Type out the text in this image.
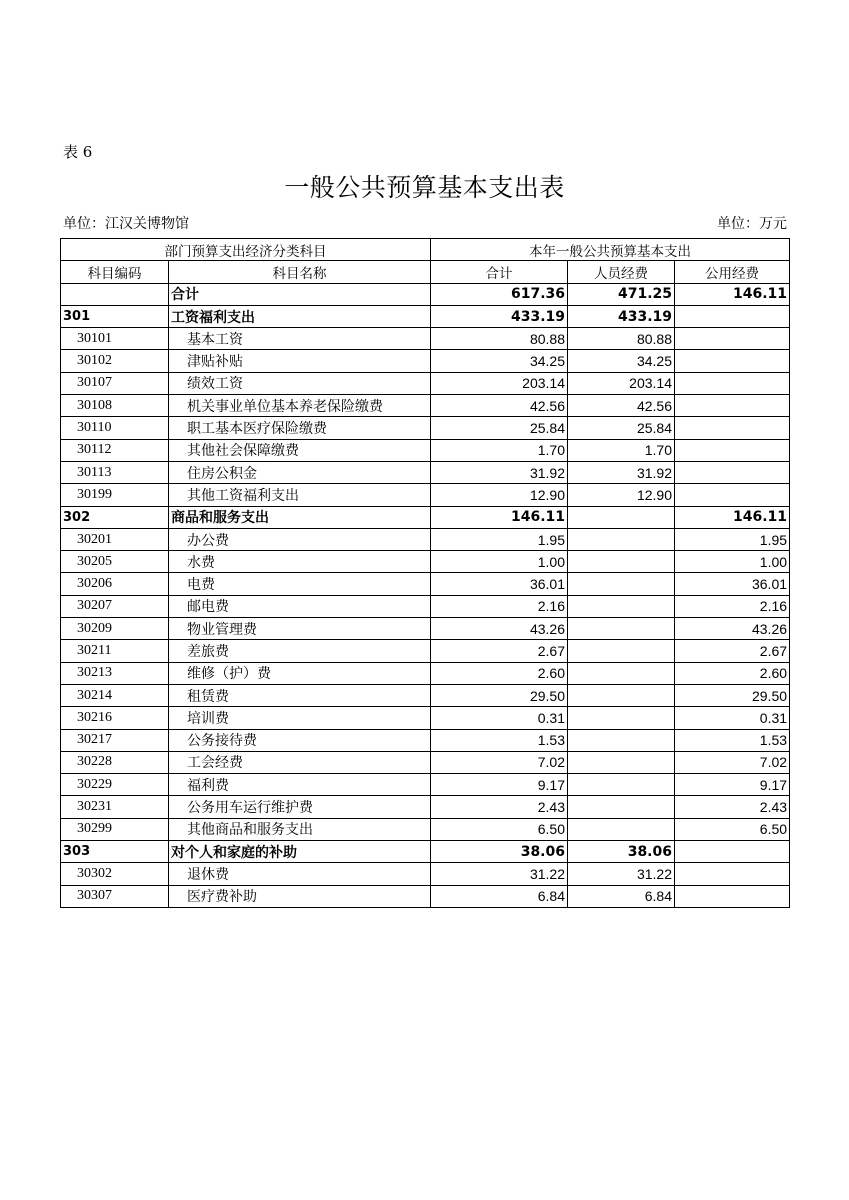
表 6
一般公共预算基本支出表
单位：江汉关博物馆	单位：万元
部门预算支出经济分类科目		本年一般公共预算基本支出		
科目编码	科目名称	合计	人员经费	公用经费
	合计	617.36	471.25	146.11
301	工资福利支出	433.19	433.19	
30101	基本工资	80.88	80.88	
30102	津贴补贴	34.25	34.25	
30107	绩效工资	203.14	203.14	
30108	机关事业单位基本养老保险缴费	42.56	42.56	
30110	职工基本医疗保险缴费	25.84	25.84	
30112	其他社会保障缴费	1.70	1.70	
30113	住房公积金	31.92	31.92	
30199	其他工资福利支出	12.90	12.90	
302	商品和服务支出	146.11		146.11
30201	办公费	1.95		1.95
30205	水费	1.00		1.00
30206	电费	36.01		36.01
30207	邮电费	2.16		2.16
30209	物业管理费	43.26		43.26
30211	差旅费	2.67		2.67
30213	维修（护）费	2.60		2.60
30214	租赁费	29.50		29.50
30216	培训费	0.31		0.31
30217	公务接待费	1.53		1.53
30228	工会经费	7.02		7.02
30229	福利费	9.17		9.17
30231	公务用车运行维护费	2.43		2.43
30299	其他商品和服务支出	6.50		6.50
303	对个人和家庭的补助	38.06	38.06	
30302	退休费	31.22	31.22	
30307	医疗费补助	6.84	6.84	
